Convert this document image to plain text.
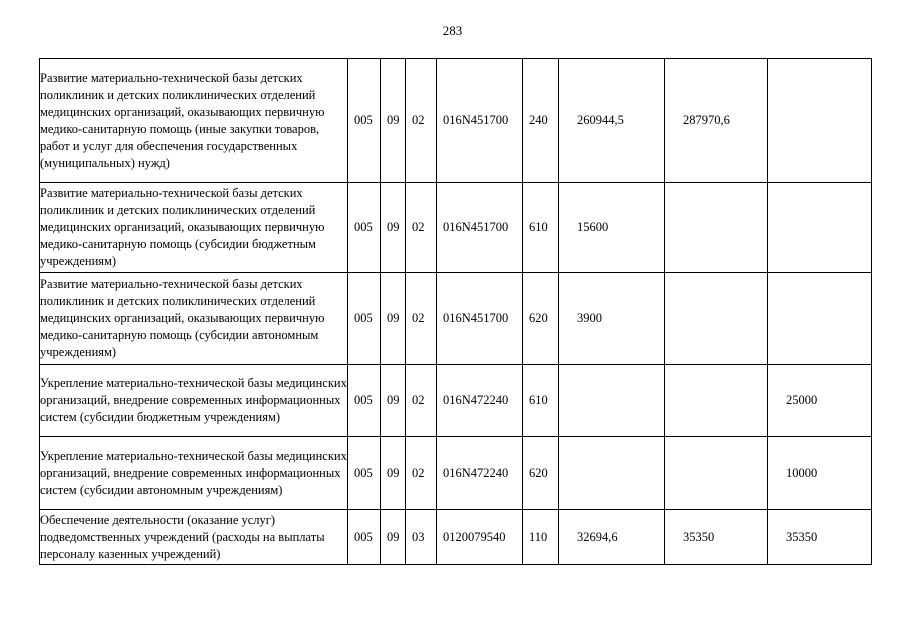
283
Развитие материально-технической базы детских поликлиник и детских поликлинических отделений медицинских организаций, оказывающих первичную медико-санитарную помощь (иные закупки товаров, работ и услуг для обеспечения государственных (муниципальных) нужд)	005	09	02	016N451700	240	260944,5	287970,6	
Развитие материально-технической базы детских поликлиник и детских поликлинических отделений медицинских организаций, оказывающих первичную медико-санитарную помощь (субсидии бюджетным учреждениям)	005	09	02	016N451700	610	15600		
Развитие материально-технической базы детских поликлиник и детских поликлинических отделений медицинских организаций, оказывающих первичную медико-санитарную помощь (субсидии автономным учреждениям)	005	09	02	016N451700	620	3900		
Укрепление материально-технической базы медицинских организаций, внедрение современных информационных систем (субсидии бюджетным учреждениям)	005	09	02	016N472240	610			25000
Укрепление материально-технической базы медицинских организаций, внедрение современных информационных систем (субсидии автономным учреждениям)	005	09	02	016N472240	620			10000
Обеспечение деятельности (оказание услуг) подведомственных учреждений (расходы на выплаты персоналу казенных учреждений)	005	09	03	0120079540	110	32694,6	35350	35350
